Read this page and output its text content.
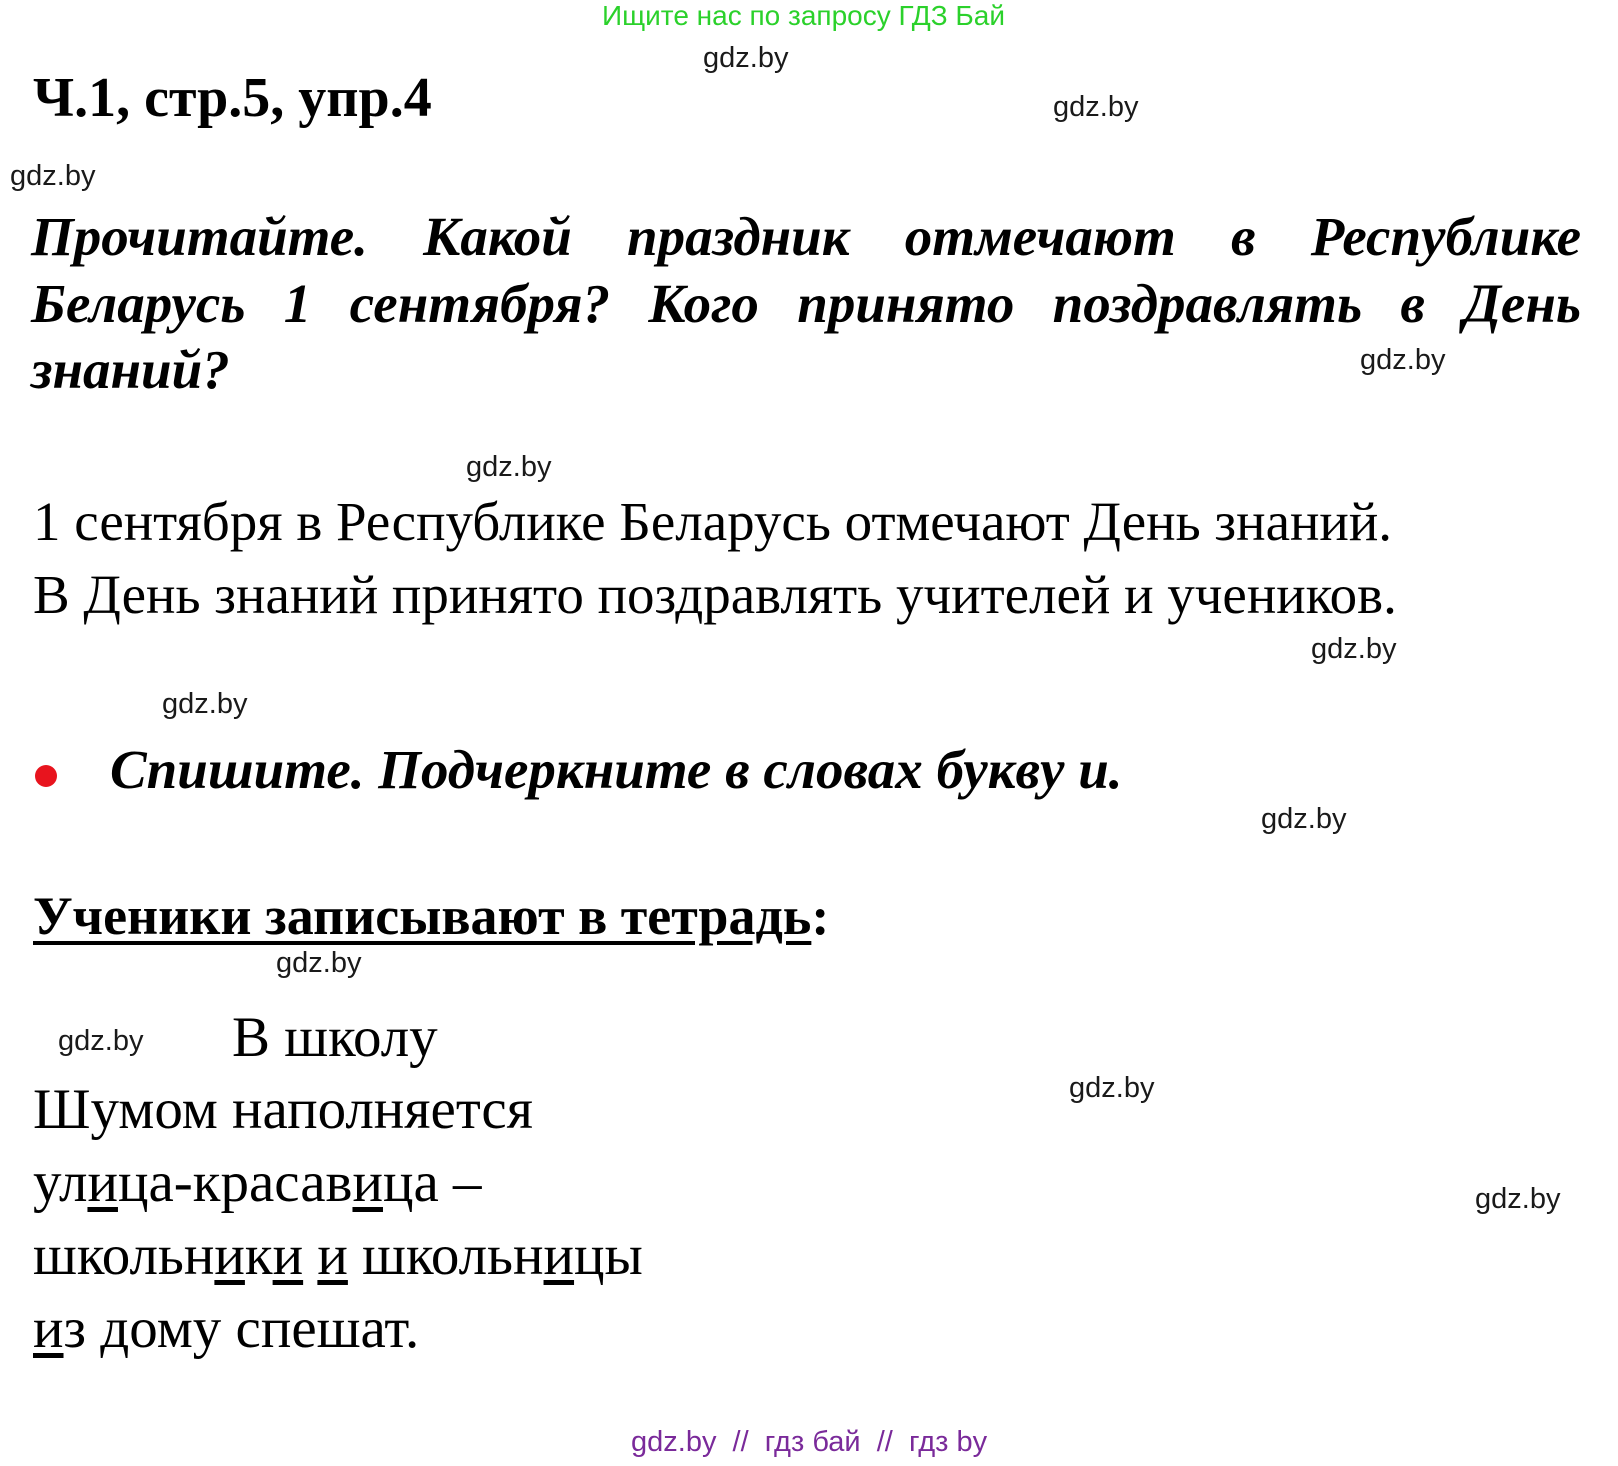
Ищите нас по запросу ГДЗ Бай
Ч.1, стр.5, упр.4
Прочитайте. Какой праздник отмечают в Республике
Беларусь 1 сентября? Кого принято поздравлять в День
знаний?
1 сентября в Республике Беларусь отмечают День знаний.
В День знаний принято поздравлять учителей и учеников.
Спишите. Подчеркните в словах букву и.
Ученики записывают в тетрадь:
В школу
Шумом наполняется
улица-красавица –
школьники и школьницы
из дому спешат.
gdz.by
gdz.by
gdz.by
gdz.by
gdz.by
gdz.by
gdz.by
gdz.by
gdz.by
gdz.by
gdz.by
gdz.by
gdz.by  //  гдз бай  //  гдз by
